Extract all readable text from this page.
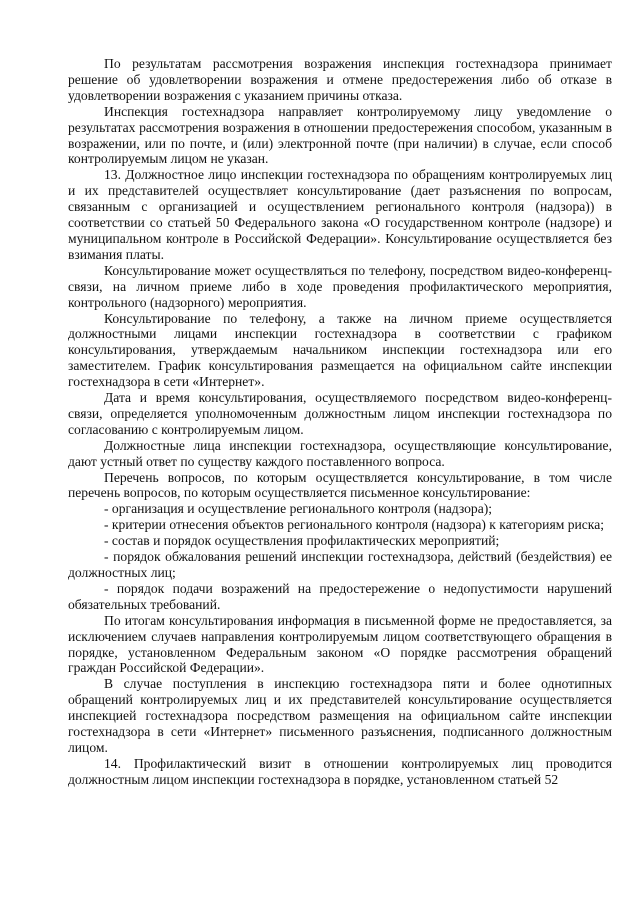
По результатам рассмотрения возражения инспекция гостехнадзора принимает решение об удовлетворении возражения и отмене предостережения либо об отказе в удовлетворении возражения с указанием причины отказа.

Инспекция гостехнадзора направляет контролируемому лицу уведомление о результатах рассмотрения возражения в отношении предостережения способом, указанным в возражении, или по почте, и (или) электронной почте (при наличии) в случае, если способ контролируемым лицом не указан.

13. Должностное лицо инспекции гостехнадзора по обращениям контролируемых лиц и их представителей осуществляет консультирование (дает разъяснения по вопросам, связанным с организацией и осуществлением регионального контроля (надзора)) в соответствии со статьей 50 Федерального закона «О государственном контроле (надзоре) и муниципальном контроле в Российской Федерации». Консультирование осуществляется без взимания платы.

Консультирование может осуществляться по телефону, посредством видео-конференц-связи, на личном приеме либо в ходе проведения профилактического мероприятия, контрольного (надзорного) мероприятия.

Консультирование по телефону, а также на личном приеме осуществляется должностными лицами инспекции гостехнадзора в соответствии с графиком консультирования, утверждаемым начальником инспекции гостехнадзора или его заместителем. График консультирования размещается на официальном сайте инспекции гостехнадзора в сети «Интернет».

Дата и время консультирования, осуществляемого посредством видео-конференц-связи, определяется уполномоченным должностным лицом инспекции гостехнадзора по согласованию с контролируемым лицом.

Должностные лица инспекции гостехнадзора, осуществляющие консультирование, дают устный ответ по существу каждого поставленного вопроса.

Перечень вопросов, по которым осуществляется консультирование, в том числе перечень вопросов, по которым осуществляется письменное консультирование:

- организация и осуществление регионального контроля (надзора);

- критерии отнесения объектов регионального контроля (надзора) к категориям риска;

- состав и порядок осуществления профилактических мероприятий;

- порядок обжалования решений инспекции гостехнадзора, действий (бездействия) ее должностных лиц;

- порядок подачи возражений на предостережение о недопустимости нарушений обязательных требований.

По итогам консультирования информация в письменной форме не предоставляется, за исключением случаев направления контролируемым лицом соответствующего обращения в порядке, установленном Федеральным законом «О порядке рассмотрения обращений граждан Российской Федерации».

В случае поступления в инспекцию гостехнадзора пяти и более однотипных обращений контролируемых лиц и их представителей консультирование осуществляется инспекцией гостехнадзора посредством размещения на официальном сайте инспекции гостехнадзора в сети «Интернет» письменного разъяснения, подписанного должностным лицом.

14. Профилактический визит в отношении контролируемых лиц проводится должностным лицом инспекции гостехнадзора в порядке, установленном статьей 52
